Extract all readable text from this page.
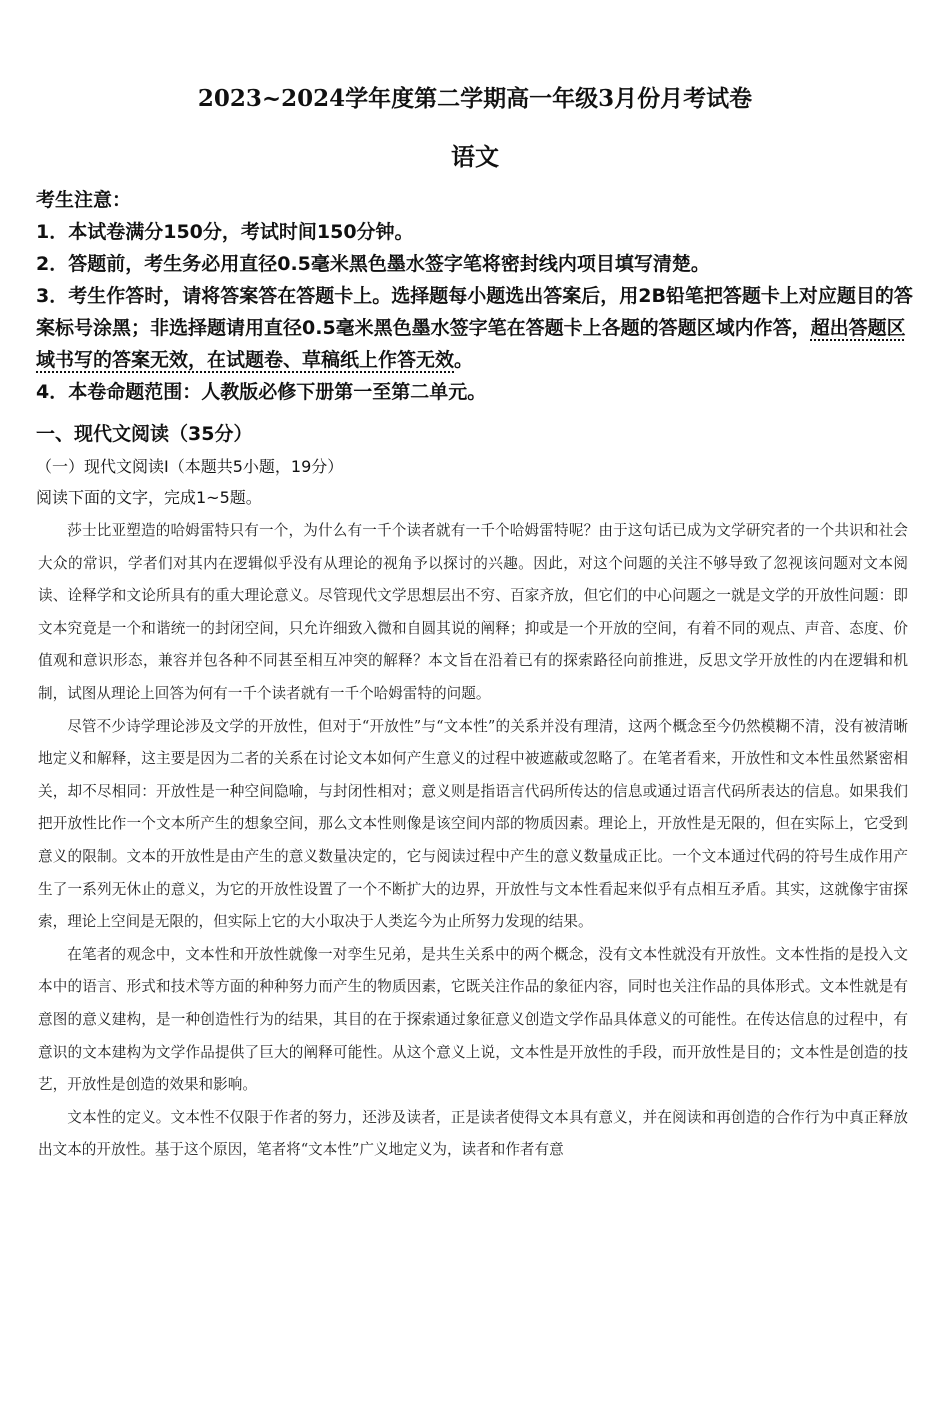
2023~2024学年度第二学期高一年级3月份月考试卷
语文

考生注意：

1．本试卷满分150分，考试时间150分钟。

2．答题前，考生务必用直径0.5毫米黑色墨水签字笔将密封线内项目填写清楚。

3．考生作答时，请将答案答在答题卡上。选择题每小题选出答案后，用2B铅笔把答题卡上对应题目的答案标号涂黑；非选择题请用直径0.5毫米黑色墨水签字笔在答题卡上各题的答题区域内作答，超出答题区域书写的答案无效，在试题卷、草稿纸上作答无效。

4．本卷命题范围：人教版必修下册第一至第二单元。

一、现代文阅读（35分）
（一）现代文阅读I（本题共5小题，19分）
阅读下面的文字，完成1~5题。

莎士比亚塑造的哈姆雷特只有一个，为什么有一千个读者就有一千个哈姆雷特呢？由于这句话已成为文学研究者的一个共识和社会大众的常识，学者们对其内在逻辑似乎没有从理论的视角予以探讨的兴趣。因此，对这个问题的关注不够导致了忽视该问题对文本阅读、诠释学和文论所具有的重大理论意义。尽管现代文学思想层出不穷、百家齐放，但它们的中心问题之一就是文学的开放性问题：即文本究竟是一个和谐统一的封闭空间，只允许细致入微和自圆其说的阐释；抑或是一个开放的空间，有着不同的观点、声音、态度、价值观和意识形态，兼容并包各种不同甚至相互冲突的解释？本文旨在沿着已有的探索路径向前推进，反思文学开放性的内在逻辑和机制，试图从理论上回答为何有一千个读者就有一千个哈姆雷特的问题。

尽管不少诗学理论涉及文学的开放性，但对于“开放性”与“文本性”的关系并没有理清，这两个概念至今仍然模糊不清，没有被清晰地定义和解释，这主要是因为二者的关系在讨论文本如何产生意义的过程中被遮蔽或忽略了。在笔者看来，开放性和文本性虽然紧密相关，却不尽相同：开放性是一种空间隐喻，与封闭性相对；意义则是指语言代码所传达的信息或通过语言代码所表达的信息。如果我们把开放性比作一个文本所产生的想象空间，那么文本性则像是该空间内部的物质因素。理论上，开放性是无限的，但在实际上，它受到意义的限制。文本的开放性是由产生的意义数量决定的，它与阅读过程中产生的意义数量成正比。一个文本通过代码的符号生成作用产生了一系列无休止的意义，为它的开放性设置了一个不断扩大的边界，开放性与文本性看起来似乎有点相互矛盾。其实，这就像宇宙探索，理论上空间是无限的，但实际上它的大小取决于人类迄今为止所努力发现的结果。

在笔者的观念中，文本性和开放性就像一对孪生兄弟，是共生关系中的两个概念，没有文本性就没有开放性。文本性指的是投入文本中的语言、形式和技术等方面的种种努力而产生的物质因素，它既关注作品的象征内容，同时也关注作品的具体形式。文本性就是有意图的意义建构，是一种创造性行为的结果，其目的在于探索通过象征意义创造文学作品具体意义的可能性。在传达信息的过程中，有意识的文本建构为文学作品提供了巨大的阐释可能性。从这个意义上说，文本性是开放性的手段，而开放性是目的；文本性是创造的技艺，开放性是创造的效果和影响。

文本性的定义。文本性不仅限于作者的努力，还涉及读者，正是读者使得文本具有意义，并在阅读和再创造的合作行为中真正释放出文本的开放性。基于这个原因，笔者将“文本性”广义地定义为，读者和作者有意
